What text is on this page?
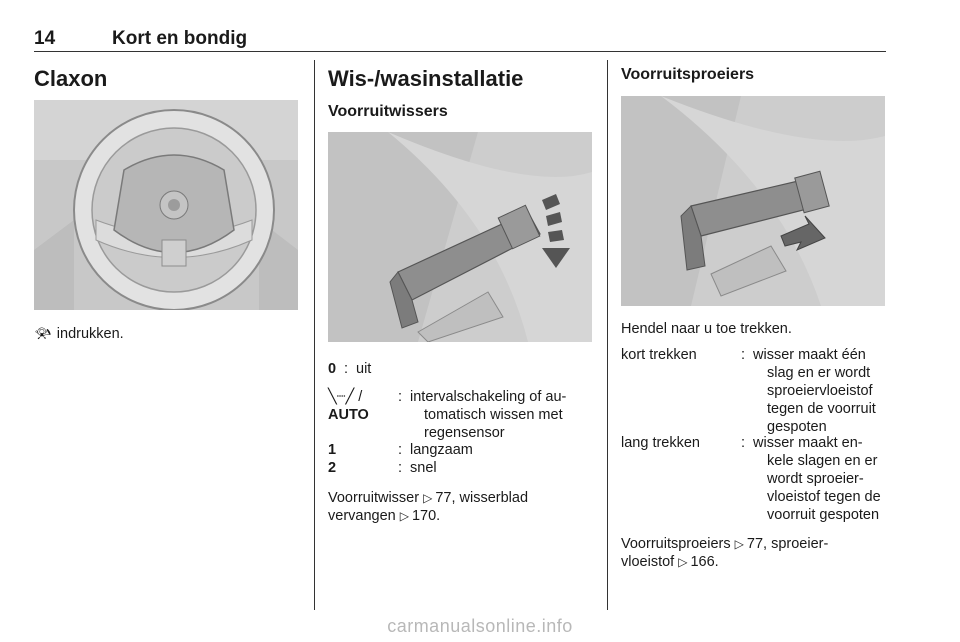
14	Kort en bondig
Claxon
📯︎ indrukken.
Wis-/wasinstallatie
Voorruitwissers
0 : uit
╲┈╱ /
AUTO
: intervalschakeling of au-
tomatisch wissen met
regensensor
1	: langzaam
2	: snel
Voorruitwisser ▷ 77, wisserblad
vervangen ▷ 170.
Voorruitsproeiers
Hendel naar u toe trekken.
kort trekken	: wisser maakt één
slag en er wordt
sproeiervloeistof
tegen de voorruit
gespoten
lang trekken	: wisser maakt en-
kele slagen en er
wordt sproeier-
vloeistof tegen de
voorruit gespoten
Voorruitsproeiers ▷ 77, sproeier-
vloeistof ▷ 166.
carmanualsonline.info
